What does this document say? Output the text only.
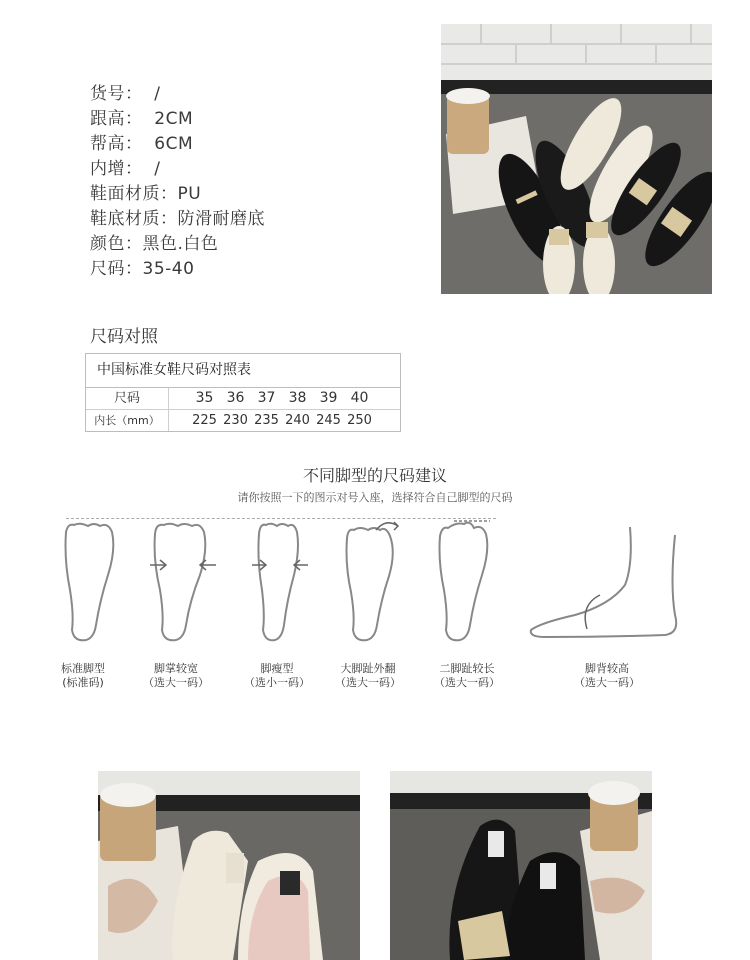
货号：  /
跟高：  2CM
帮高：  6CM
内增：  /
鞋面材质：PU
鞋底材质：防滑耐磨底
颜色：黑色.白色
尺码：35-40
尺码对照
中国标准女鞋尺码对照表
尺码	35 36 37 38 39 40
内长（mm）	225 230 235 240 245 250
不同脚型的尺码建议
请你按照一下的图示对号入座，选择符合自己脚型的尺码
标准脚型
(标准码)
脚掌较宽
（选大一码）
脚瘦型
（选小一码）
大脚趾外翻
（选大一码）
二脚趾较长
（选大一码）
脚背较高
（选大一码）
